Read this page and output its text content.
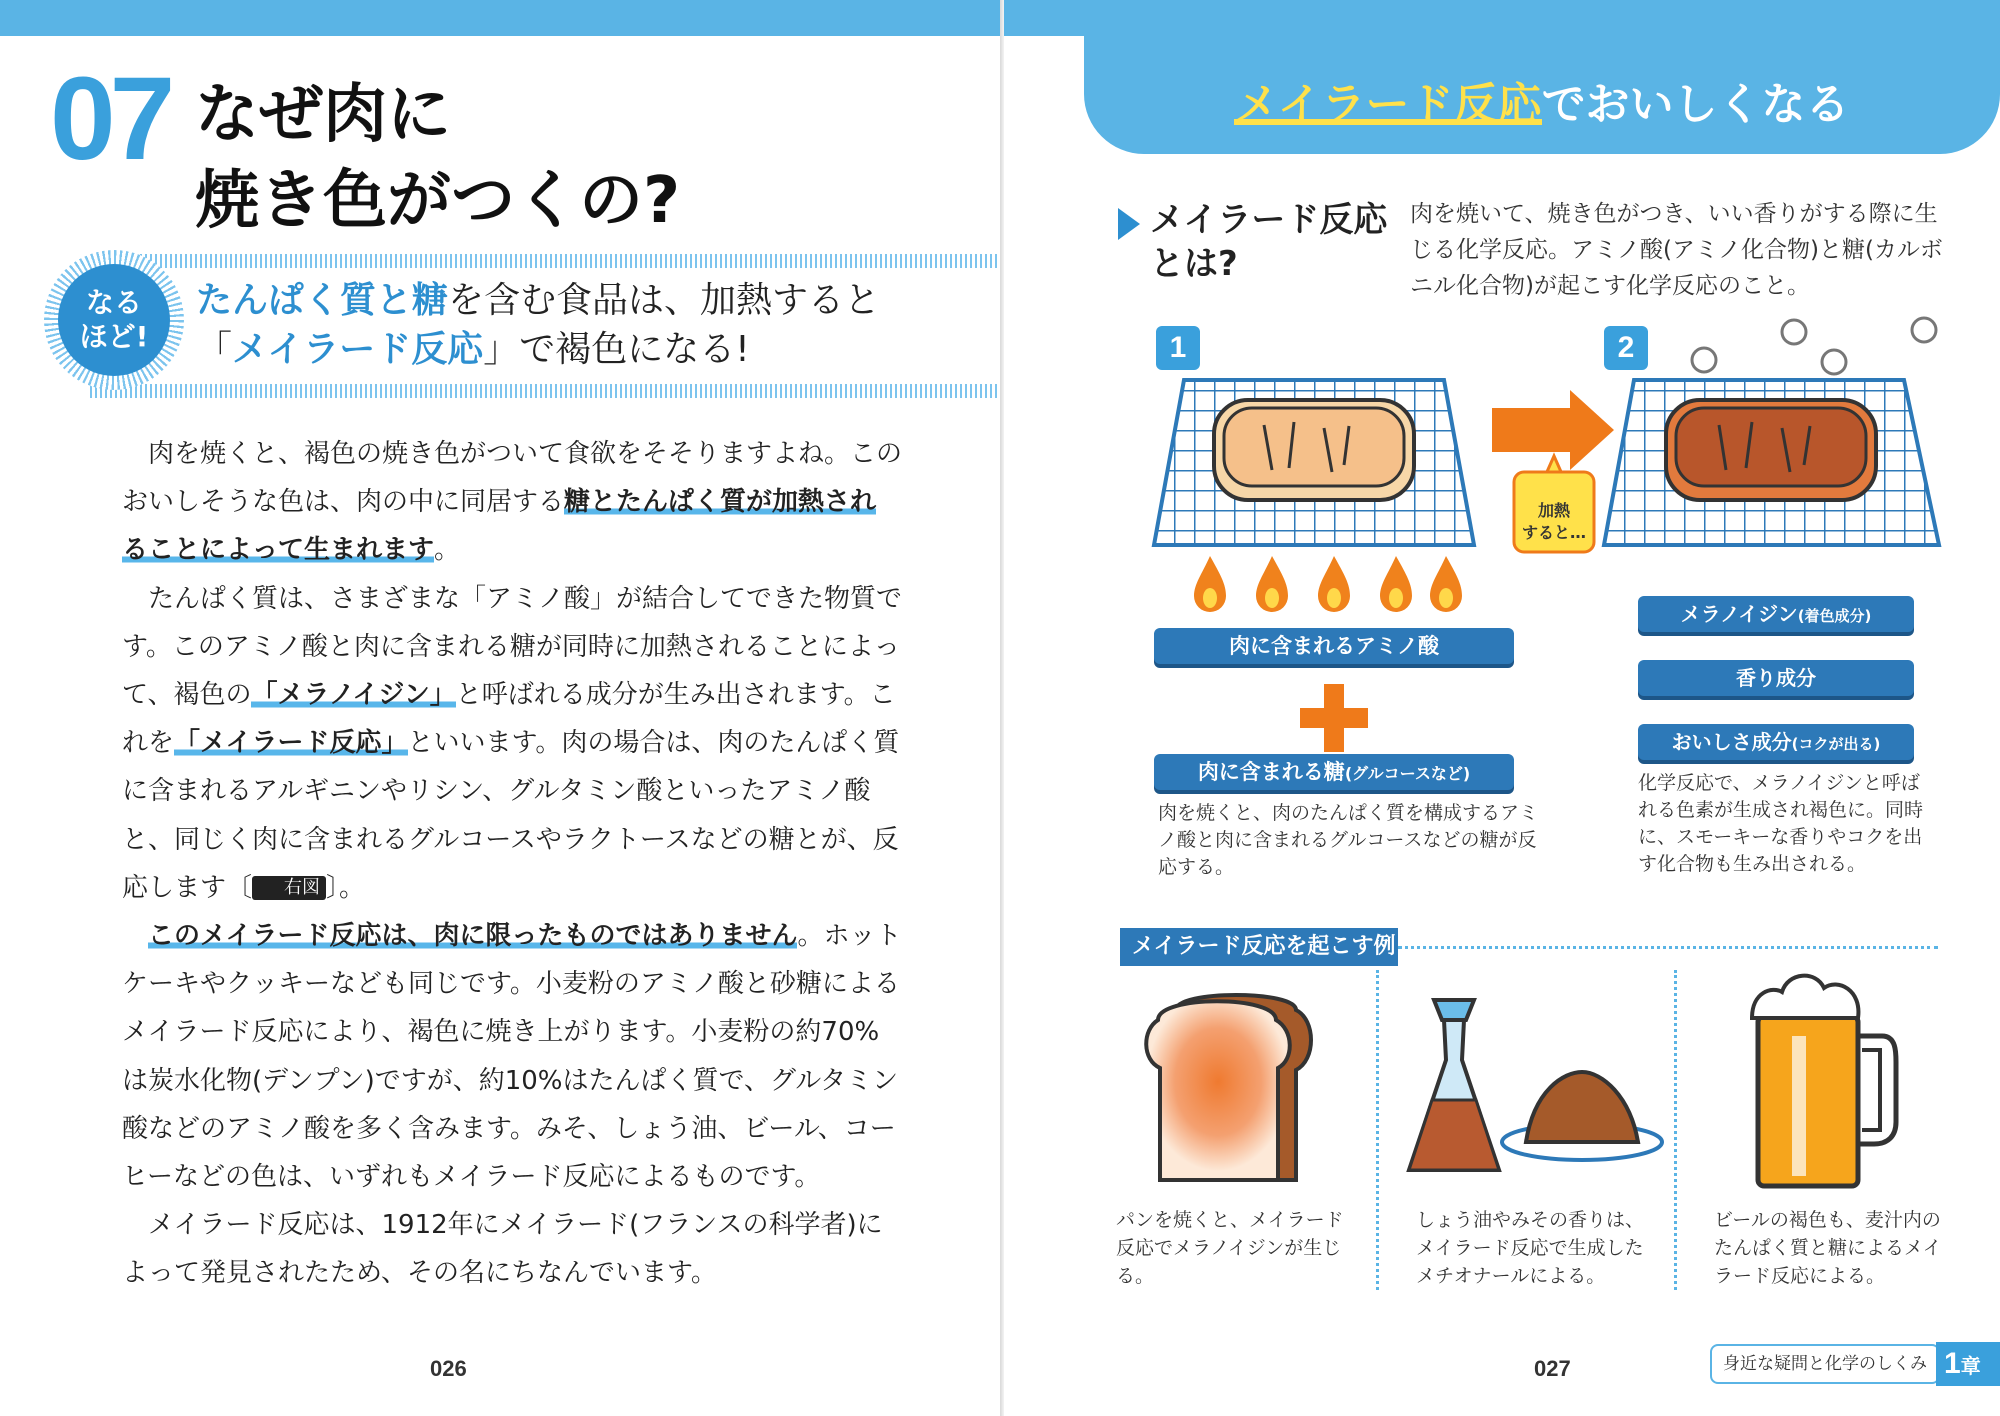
07 なぜ肉に
焼き色がつくの?
なる
ほど!
たんぱく質と糖を含む食品は、加熱すると
「メイラード反応」で褐色になる!

肉を焼くと、褐色の焼き色がついて食欲をそそりますよね。このおいしそうな色は、肉の中に同居する糖とたんぱく質が加熱されることによって生まれます。

たんぱく質は、さまざまな「アミノ酸」が結合してできた物質です。このアミノ酸と肉に含まれる糖が同時に加熱されることによって、褐色の「メラノイジン」と呼ばれる成分が生み出されます。これを「メイラード反応」といいます。肉の場合は、肉のたんぱく質に含まれるアルギニンやリシン、グルタミン酸といったアミノ酸と、同じく肉に含まれるグルコースやラクトースなどの糖とが、反応します〔 右図 〕。

このメイラード反応は、肉に限ったものではありません。ホットケーキやクッキーなども同じです。小麦粉のアミノ酸と砂糖によるメイラード反応により、褐色に焼き上がります。小麦粉の約70%は炭水化物(デンプン)ですが、約10%はたんぱく質で、グルタミン酸などのアミノ酸を多く含みます。みそ、しょう油、ビール、コーヒーなどの色は、いずれもメイラード反応によるものです。

メイラード反応は、1912年にメイラード(フランスの科学者)によって発見されたため、その名にちなんでいます。

026
メイラード反応でおいしくなる
メイラード反応
とは?
肉を焼いて、焼き色がつき、いい香りがする際に生じる化学反応。アミノ酸(アミノ化合物)と糖(カルボニル化合物)が起こす化学反応のこと。
1	2
加熱
すると…
肉に含まれるアミノ酸
肉に含まれる糖(グルコースなど)
肉を焼くと、肉のたんぱく質を構成するアミノ酸と肉に含まれるグルコースなどの糖が反応する。
メラノイジン(着色成分)
香り成分
おいしさ成分(コクが出る)
化学反応で、メラノイジンと呼ばれる色素が生成され褐色に。同時に、スモーキーな香りやコクを出す化合物も生み出される。
メイラード反応を起こす例
パンを焼くと、メイラード反応でメラノイジンが生じる。
しょう油やみその香りは、メイラード反応で生成したメチオナールによる。
ビールの褐色も、麦汁内のたんぱく質と糖によるメイラード反応による。
027	身近な疑問と化学のしくみ 1章
